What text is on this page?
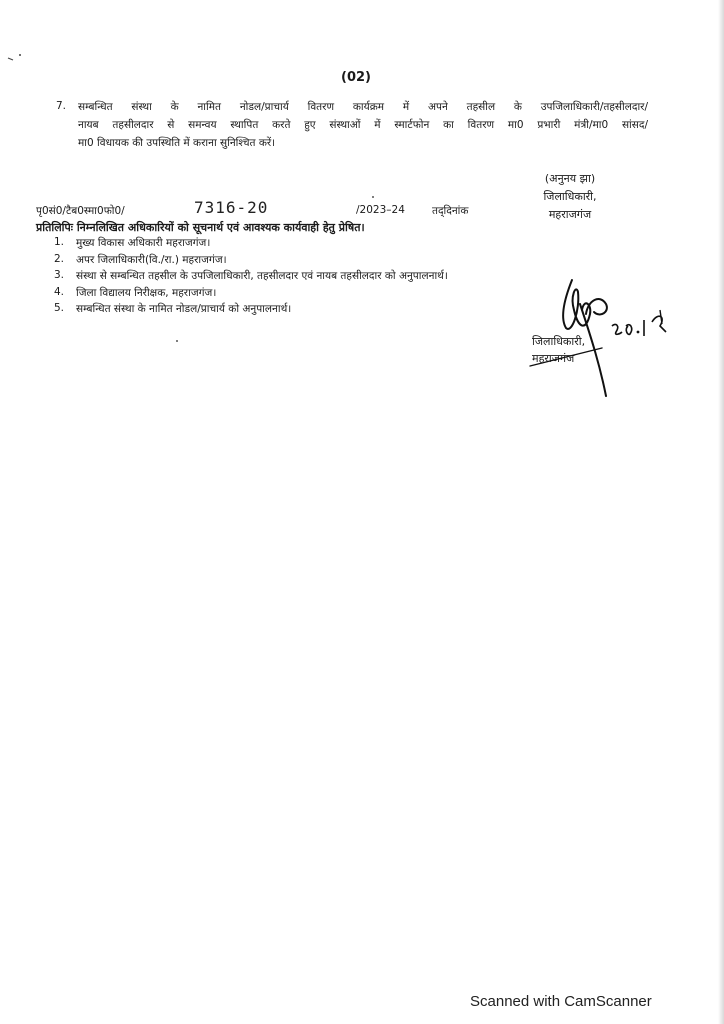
(02)
7. सम्बन्धित संस्था के नामित नोडल/प्राचार्य वितरण कार्यक्रम में अपने तहसील के उपजिलाधिकारी/तहसीलदार/
नायब तहसीलदार से समन्वय स्थापित करते हुए संस्थाओं में स्मार्टफोन का वितरण मा0 प्रभारी मंत्री/मा0 सांसद/
मा0 विधायक की उपस्थिति में कराना सुनिश्चित करें।
(अनुनय झा)
जिलाधिकारी,
महराजगंज
पृ0सं0/टैब0स्मा0फो0/	7316-20	/2023–24	तद्‌दिनांक
प्रतिलिपिः निम्नलिखित अधिकारियों को सूचनार्थ एवं आवश्यक कार्यवाही हेतु प्रेषित।
1. मुख्य विकास अधिकारी महराजगंज।
2. अपर जिलाधिकारी(वि./रा.) महराजगंज।
3. संस्था से सम्बन्धित तहसील के उपजिलाधिकारी, तहसीलदार एवं नायब तहसीलदार को अनुपालनार्थ।
4. जिला विद्यालय निरीक्षक, महराजगंज।
5. सम्बन्धित संस्था के नामित नोडल/प्राचार्य को अनुपालनार्थ।
जिलाधिकारी,
महराजगंज
Scanned with CamScanner
